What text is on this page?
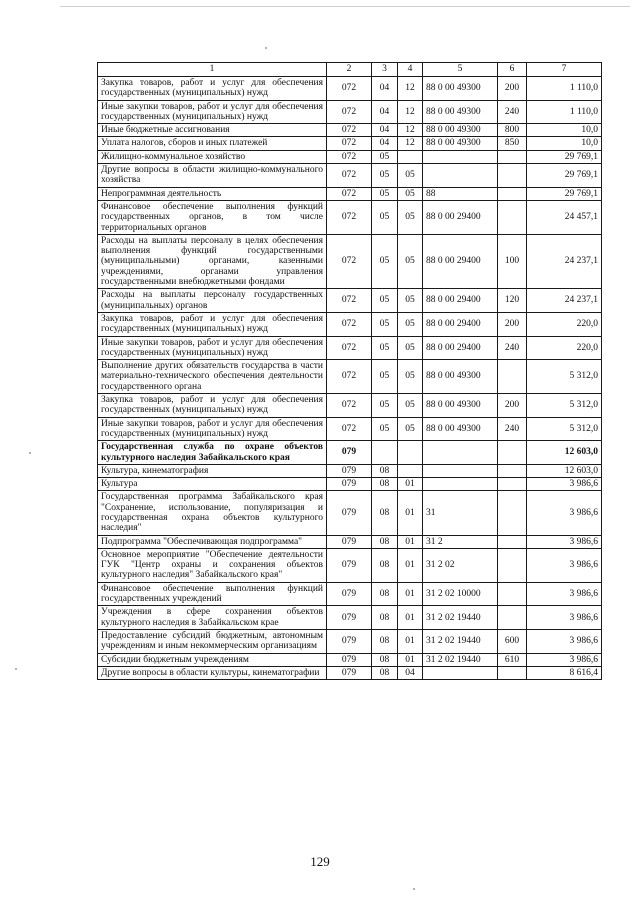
1	2	3	4	5	6	7
Закупка товаров, работ и услуг для обеспечения государственных (муниципальных) нужд	072	04	12	88 0 00 49300	200	1 110,0
Иные закупки товаров, работ и услуг для обеспечения государственных (муниципальных) нужд	072	04	12	88 0 00 49300	240	1 110,0
Иные бюджетные ассигнования	072	04	12	88 0 00 49300	800	10,0
Уплата налогов, сборов и иных платежей	072	04	12	88 0 00 49300	850	10,0
Жилищно-коммунальное хозяйство	072	05				29 769,1
Другие вопросы в области жилищно-коммунального хозяйства	072	05	05			29 769,1
Непрограммная деятельность	072	05	05	88		29 769,1
Финансовое обеспечение выполнения функций государственных органов, в том числе территориальных органов	072	05	05	88 0 00 29400		24 457,1
Расходы на выплаты персоналу в целях обеспечения выполнения функций государственными (муниципальными) органами, казенными учреждениями, органами управления государственными внебюджетными фондами	072	05	05	88 0 00 29400	100	24 237,1
Расходы на выплаты персоналу государственных (муниципальных) органов	072	05	05	88 0 00 29400	120	24 237,1
Закупка товаров, работ и услуг для обеспечения государственных (муниципальных) нужд	072	05	05	88 0 00 29400	200	220,0
Иные закупки товаров, работ и услуг для обеспечения государственных (муниципальных) нужд	072	05	05	88 0 00 29400	240	220,0
Выполнение других обязательств государства в части материально-технического обеспечения деятельности государственного органа	072	05	05	88 0 00 49300		5 312,0
Закупка товаров, работ и услуг для обеспечения государственных (муниципальных) нужд	072	05	05	88 0 00 49300	200	5 312,0
Иные закупки товаров, работ и услуг для обеспечения государственных (муниципальных) нужд	072	05	05	88 0 00 49300	240	5 312,0
Государственная служба по охране объектов культурного наследия Забайкальского края	079					12 603,0
Культура, кинематография	079	08				12 603,0
Культура	079	08	01			3 986,6
Государственная программа Забайкальского края "Сохранение, использование, популяризация и государственная охрана объектов культурного наследия"	079	08	01	31		3 986,6
Подпрограмма "Обеспечивающая подпрограмма"	079	08	01	31 2		3 986,6
Основное мероприятие "Обеспечение деятельности ГУК "Центр охраны и сохранения объектов культурного наследия" Забайкальского края"	079	08	01	31 2 02		3 986,6
Финансовое обеспечение выполнения функций государственных учреждений	079	08	01	31 2 02 10000		3 986,6
Учреждения в сфере сохранения объектов культурного наследия в Забайкальском крае	079	08	01	31 2 02 19440		3 986,6
Предоставление субсидий бюджетным, автономным учреждениям и иным некоммерческим организациям	079	08	01	31 2 02 19440	600	3 986,6
Субсидии бюджетным учреждениям	079	08	01	31 2 02 19440	610	3 986,6
Другие вопросы в области культуры, кинематографии	079	08	04			8 616,4
129
